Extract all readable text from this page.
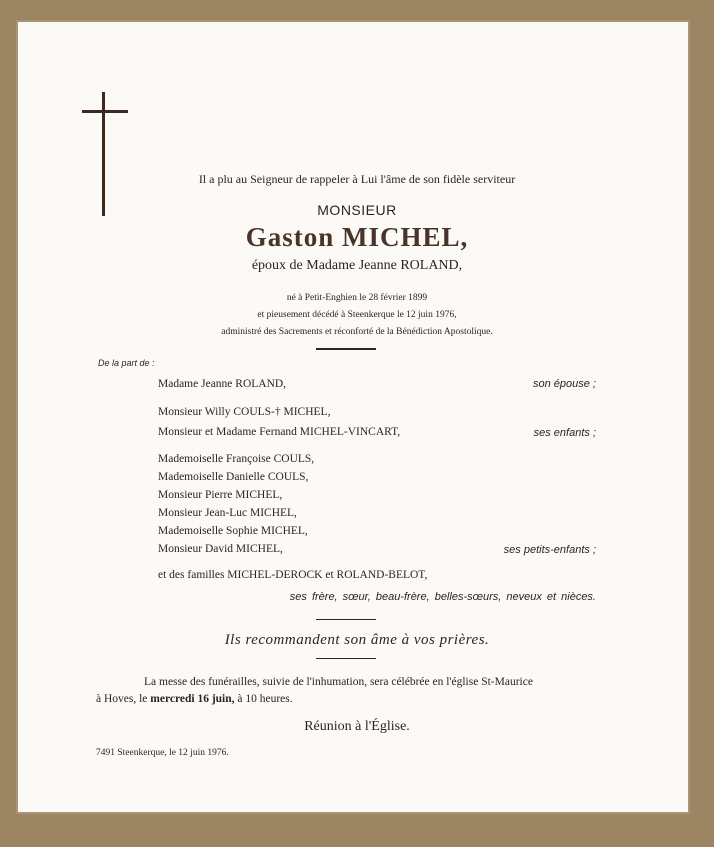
Il a plu au Seigneur de rappeler à Lui l'âme de son fidèle serviteur
MONSIEUR
Gaston MICHEL,
époux de Madame Jeanne ROLAND,
né à Petit-Enghien le 28 février 1899
et pieusement décédé à Steenkerque le 12 juin 1976,
administré des Sacrements et réconforté de la Bénédiction Apostolique.
De la part de :
Madame Jeanne ROLAND,	son épouse ;
Monsieur Willy COULS-† MICHEL,
Monsieur et Madame Fernand MICHEL-VINCART,	ses enfants ;
Mademoiselle Françoise COULS,
Mademoiselle Danielle COULS,
Monsieur Pierre MICHEL,
Monsieur Jean-Luc MICHEL,
Mademoiselle Sophie MICHEL,
Monsieur David MICHEL,	ses petits-enfants ;
et des familles MICHEL-DEROCK et ROLAND-BELOT,
ses frère, sœur, beau-frère, belles-sœurs, neveux et nièces.
Ils recommandent son âme à vos prières.
La messe des funérailles, suivie de l'inhumation, sera célébrée en l'église St-Maurice
à Hoves, le mercredi 16 juin, à 10 heures.
Réunion à l'Église.
7491 Steenkerque, le 12 juin 1976.
